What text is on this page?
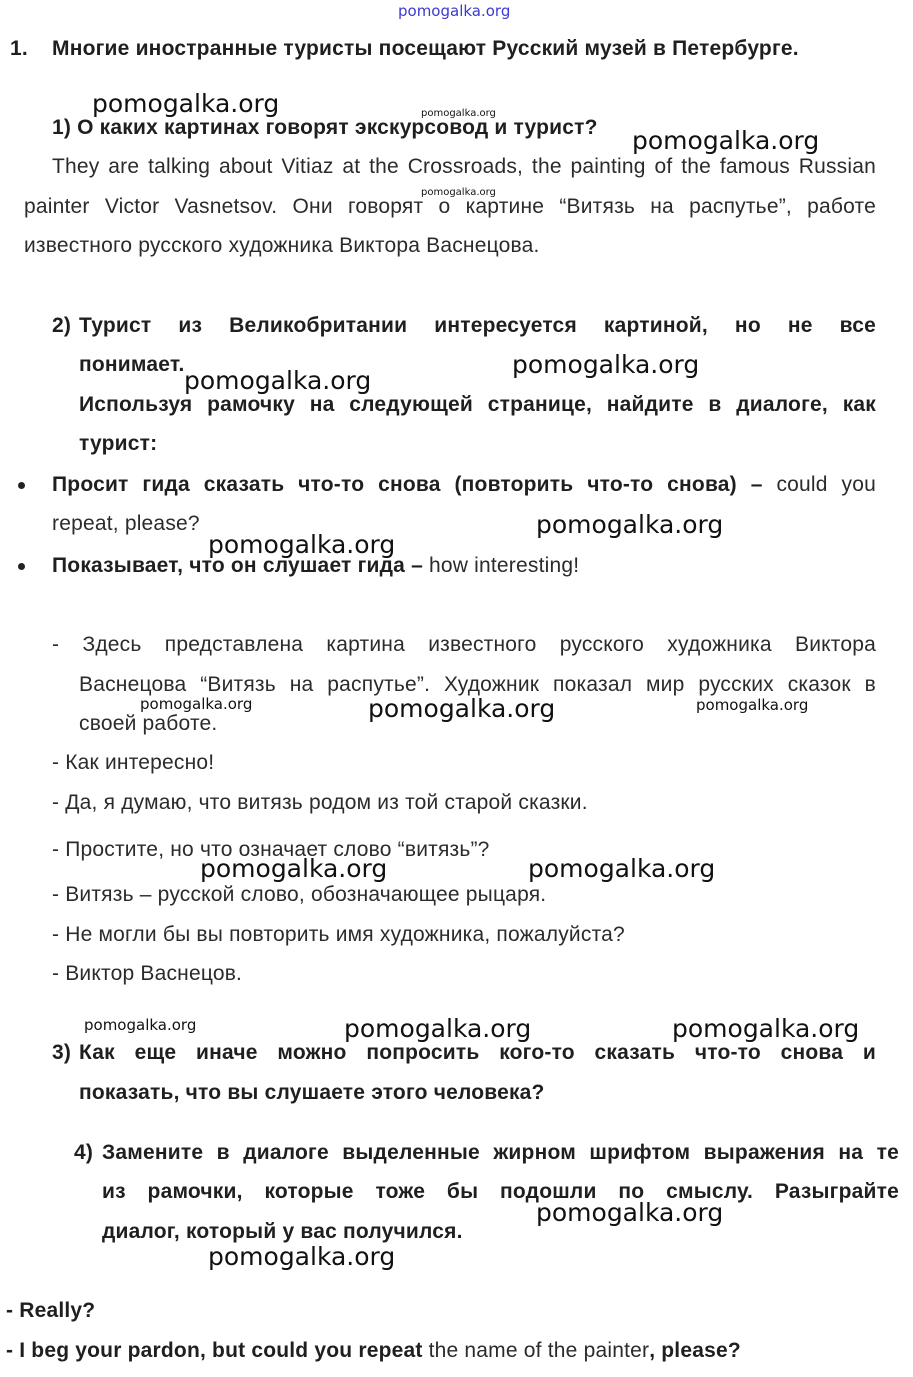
pomogalka.org
1. Многие иностранные туристы посещают Русский музей в Петербурге.
1) О каких картинах говорят экскурсовод и турист?
They are talking about Vitiaz at the Crossroads, the painting of the famous Russian
painter Victor Vasnetsov. Они говорят о картине “Витязь на распутье”, работе
известного русского художника Виктора Васнецова.
2) Турист из Великобритании интересуется картиной, но не все
понимает.
Используя рамочку на следующей странице, найдите в диалоге, как
турист:
Просит гида сказать что-то снова (повторить что-то снова) – could you
repeat, please?
Показывает, что он слушает гида – how interesting!
- Здесь представлена картина известного русского художника Виктора
Васнецова “Витязь на распутье”. Художник показал мир русских сказок в
своей работе.
- Как интересно!
- Да, я думаю, что витязь родом из той старой сказки.
- Простите, но что означает слово “витязь”?
- Витязь – русской слово, обозначающее рыцаря.
- Не могли бы вы повторить имя художника, пожалуйста?
- Виктор Васнецов.
3) Как еще иначе можно попросить кого-то сказать что-то снова и
показать, что вы слушаете этого человека?
4) Замените в диалоге выделенные жирном шрифтом выражения на те
из рамочки, которые тоже бы подошли по смыслу. Разыграйте
диалог, который у вас получился.
- Really?
- I beg your pardon, but could you repeat the name of the painter, please?
pomogalka.org	pomogalka.org
pomogalka.org
pomogalka.org
pomogalka.org
pomogalka.org
pomogalka.org
pomogalka.org
pomogalka.org	pomogalka.org	pomogalka.org
pomogalka.org	pomogalka.org
pomogalka.org	pomogalka.org	pomogalka.org
pomogalka.org
pomogalka.org
